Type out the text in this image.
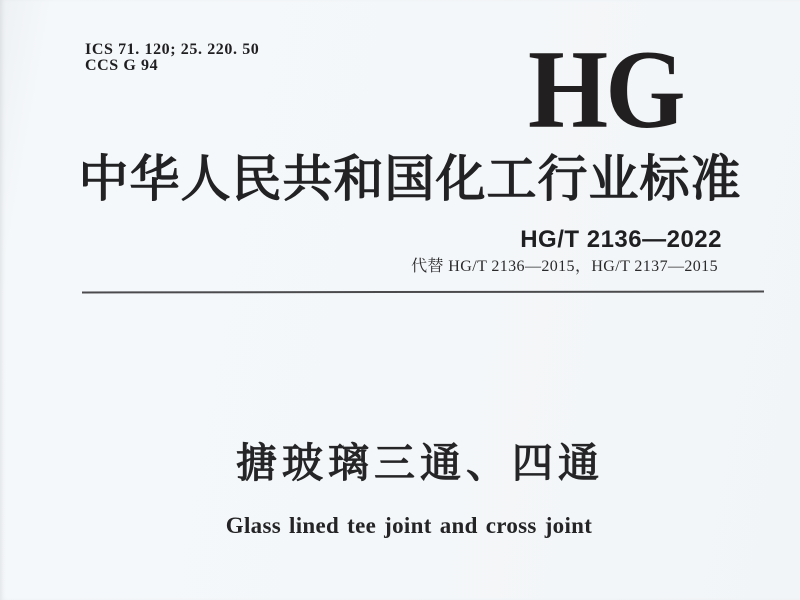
ICS 71. 120; 25. 220. 50
CCS G 94	HG
中华人民共和国化工行业标准
HG/T 2136—2022
代替 HG/T 2136—2015，HG/T 2137—2015
搪玻璃三通、四通
Glass lined tee joint and cross joint
